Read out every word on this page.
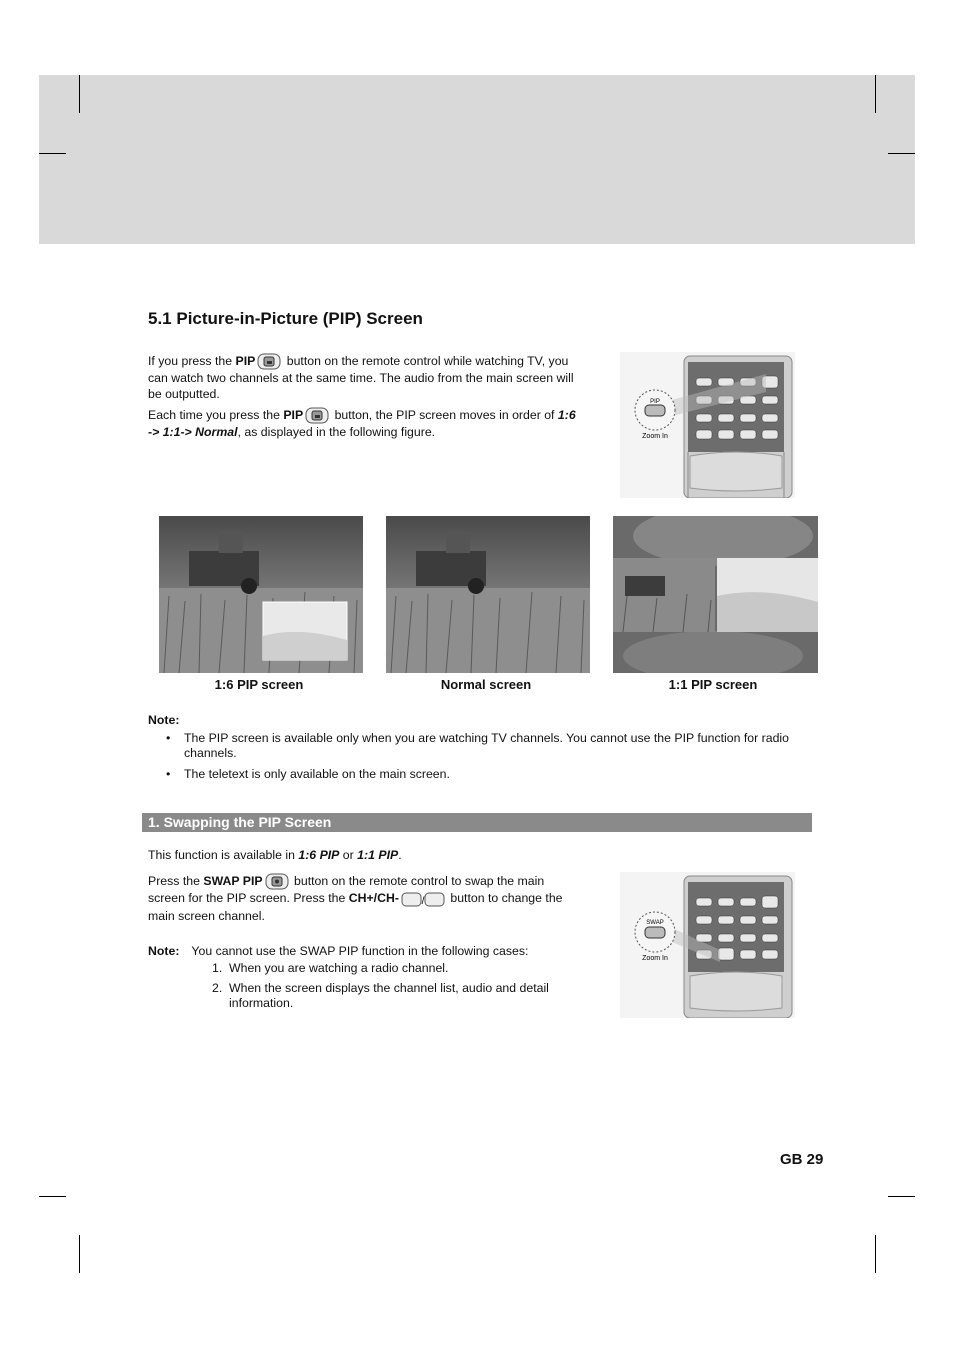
5.1 Picture-in-Picture (PIP) Screen
If you press the PIP button on the remote control while watching TV, you
can watch two channels at the same time. The audio from the main screen will
be outputted.
Each time you press the PIP button, the PIP screen moves in order of 1:6
-> 1:1-> Normal, as displayed in the following figure.
PIP
Zoom In
1:6 PIP screen	Normal screen	1:1 PIP screen
Note:
• The PIP screen is available only when you are watching TV channels. You cannot use the PIP function for radio
channels.
• The teletext is only available on the main screen.
1. Swapping the PIP Screen
This function is available in 1:6 PIP or 1:1 PIP.
Press the SWAP PIP button on the remote control to swap the main
screen for the PIP screen. Press the CH+/CH- / button to change the
main screen channel.
Note: You cannot use the SWAP PIP function in the following cases:
1. When you are watching a radio channel.
2. When the screen displays the channel list, audio and detail
information.
SWAP
Zoom In
GB 29
